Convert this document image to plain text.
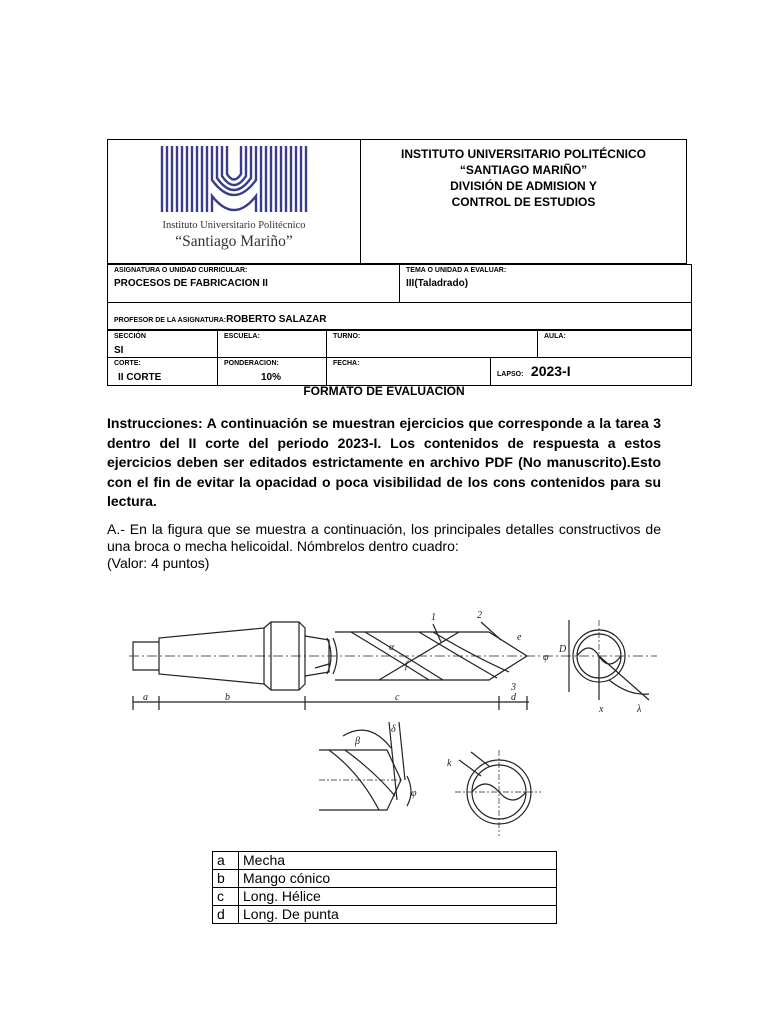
Instituto Universitario Politécnico
“Santiago Mariño”
INSTITUTO UNIVERSITARIO POLITÉCNICO
“SANTIAGO MARIÑO”
DIVISIÓN DE ADMISION Y
CONTROL DE ESTUDIOS
ASIGNATURA O UNIDAD CURRICULAR:
PROCESOS DE FABRICACION II
TEMA O UNIDAD A EVALUAR:
III(Taladrado)
PROFESOR DE LA ASIGNATURA:ROBERTO SALAZAR
SECCIÓN
SI
ESCUELA:	TURNO:	AULA:
CORTE:
II CORTE
PONDERACION:
10%
FECHA:
LAPSO: 2023-I
FORMATO DE EVALUACION
Instrucciones: A continuación se muestran ejercicios que corresponde a la tarea 3 dentro del II corte del periodo 2023-I. Los contenidos de respuesta a estos ejercicios deben ser editados estrictamente en archivo PDF (No manuscrito).Esto con el fin de evitar la opacidad o poca visibilidad de los cons contenidos para su lectura.
A.- En la figura que se muestra a continuación, los principales detalles constructivos de una broca o mecha helicoidal. Nómbrelos dentro cuadro:
(Valor: 4 puntos)
a	b	c	d
e
1	2
3
α
f
φ
D
x	λ
β
δ
φ
k
a	Mecha
b	Mango cónico
c	Long. Hélice
d	Long. De punta
